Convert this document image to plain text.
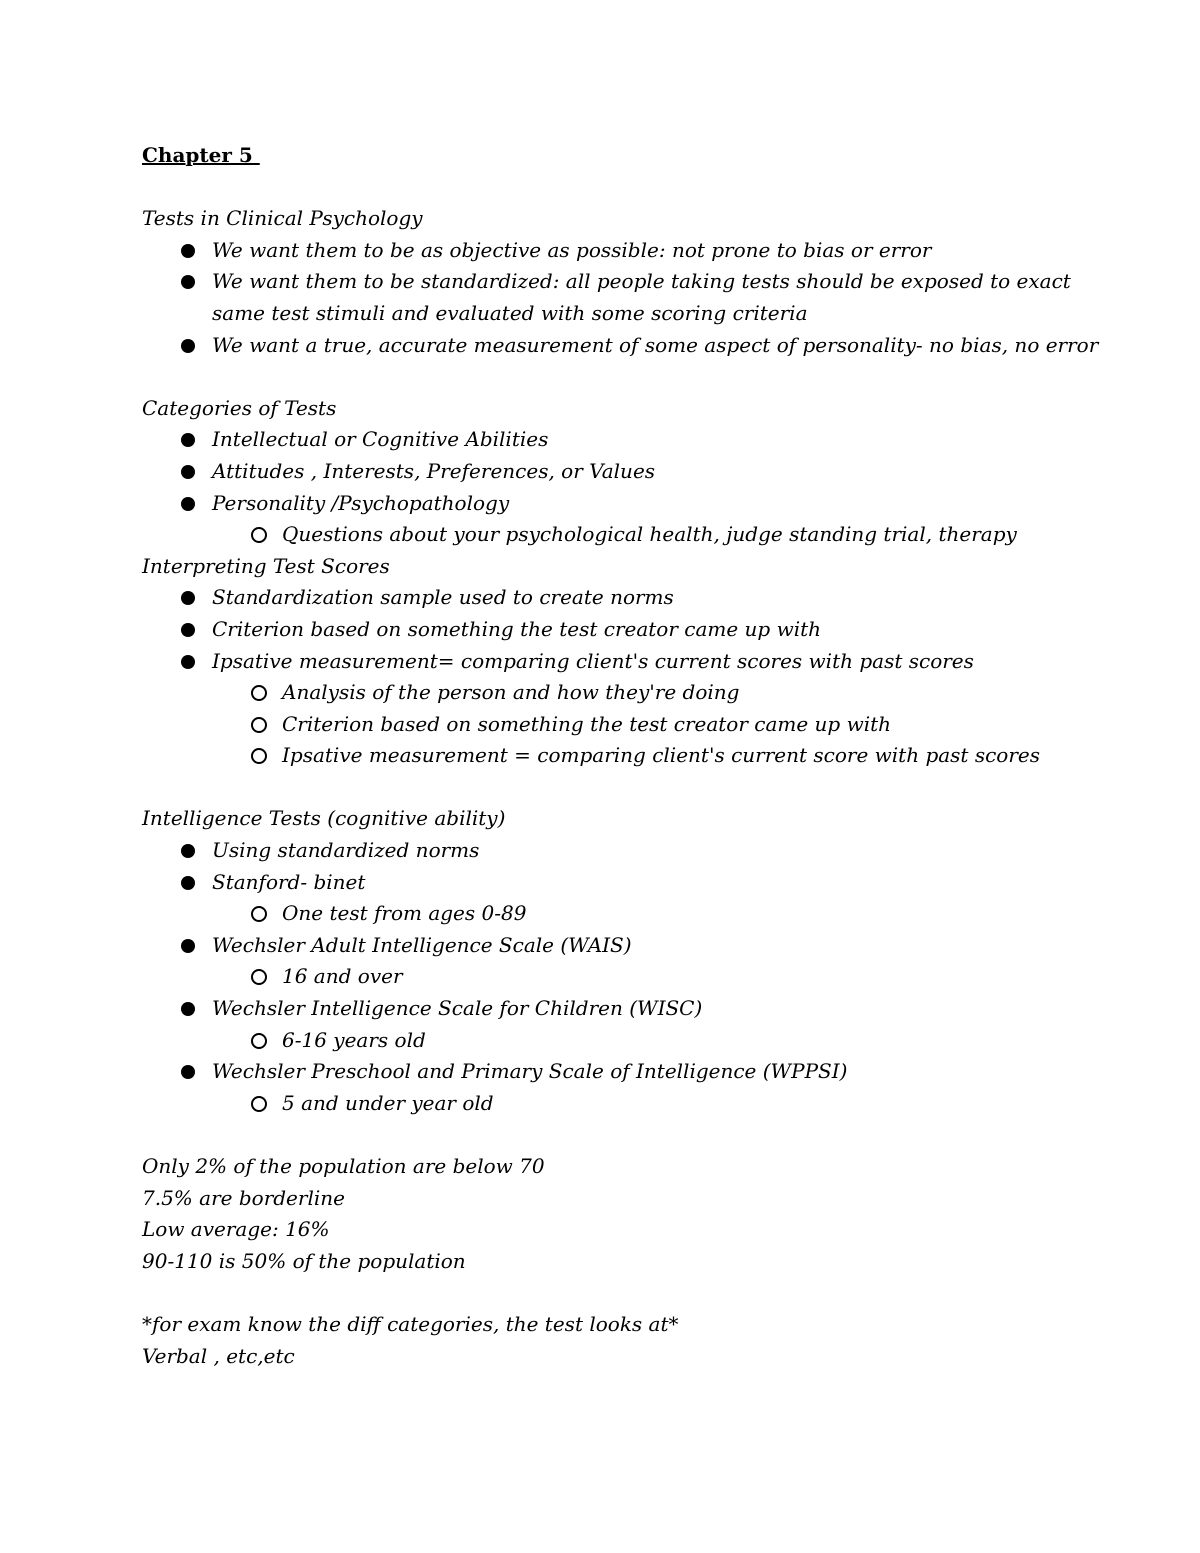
Chapter 5
Tests in Clinical Psychology
We want them to be as objective as possible: not prone to bias or error
We want them to be standardized: all people taking tests should be exposed to exact same test stimuli and evaluated with some scoring criteria
We want a true, accurate measurement of some aspect of personality- no bias, no error
Categories of Tests
Intellectual or Cognitive Abilities
Attitudes , Interests, Preferences, or Values
Personality /Psychopathology
Questions about your psychological health, judge standing trial, therapy
Interpreting Test Scores
Standardization sample used to create norms
Criterion based on something the test creator came up with
Ipsative measurement= comparing client's current scores with past scores
Analysis of the person and how they're doing
Criterion based on something the test creator came up with
Ipsative measurement = comparing client's current score with past scores
Intelligence Tests (cognitive ability)
Using standardized norms
Stanford- binet
One test from ages 0-89
Wechsler Adult Intelligence Scale (WAIS)
16 and over
Wechsler Intelligence Scale for Children (WISC)
6-16 years old
Wechsler Preschool and Primary Scale of Intelligence (WPPSI)
5 and under year old
Only 2% of the population are below 70
7.5% are borderline
Low average: 16%
90-110 is 50% of the population
*for exam know the diff categories, the test looks at*
Verbal , etc,etc
